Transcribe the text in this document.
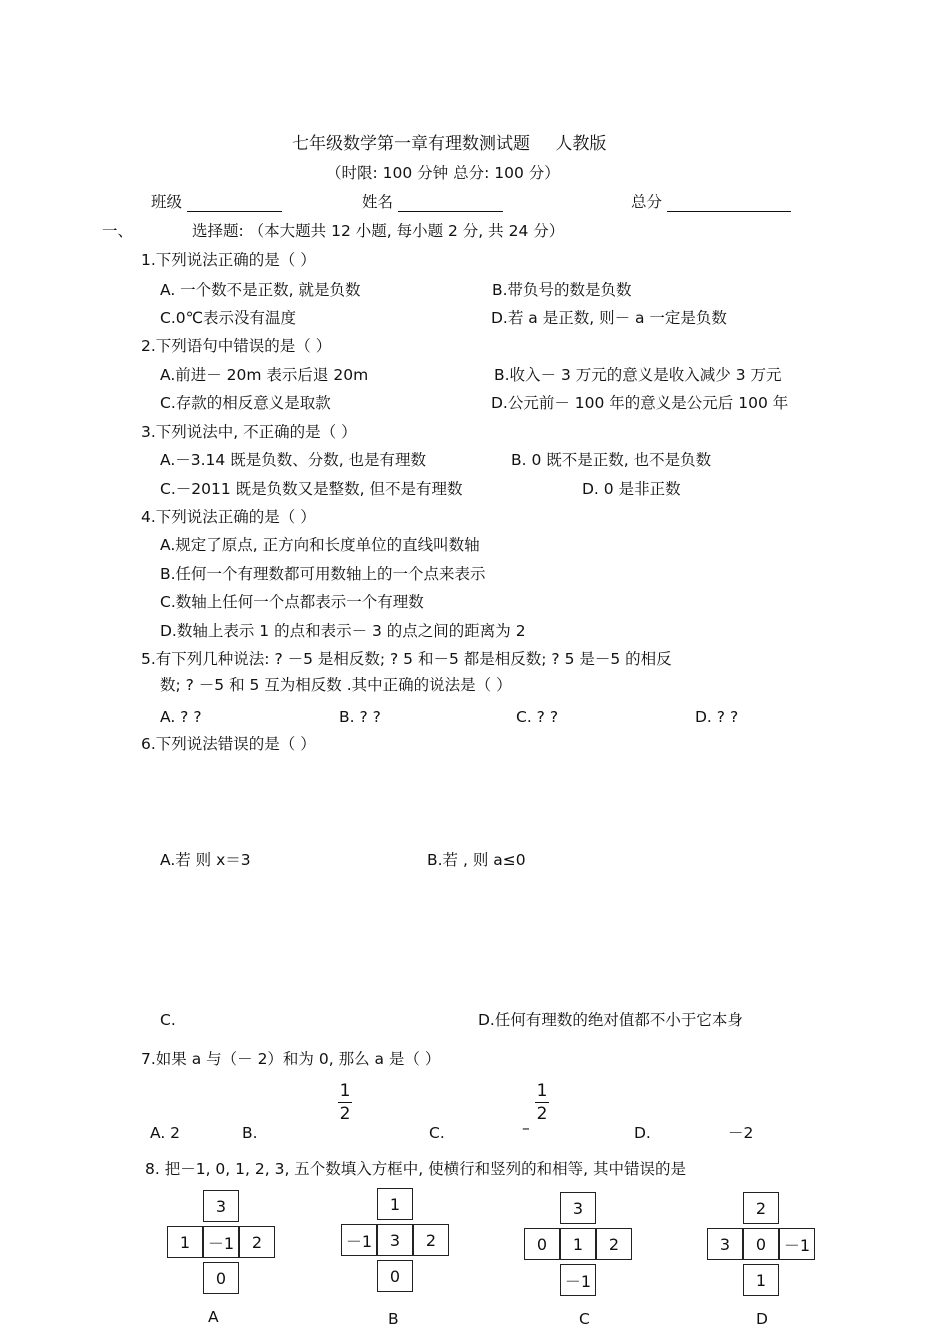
七年级数学第一章有理数测试题 人教版
（时限: 100 分钟 总分: 100 分）
班级	姓名	总分
一、	选择题: （本大题共 12 小题, 每小题 2 分, 共 24 分）
1.下列说法正确的是（ ）
A. 一个数不是正数, 就是负数	B.带负号的数是负数
C.0℃表示没有温度	D.若 a 是正数, 则－ a 一定是负数
2.下列语句中错误的是（ ）
A.前进－ 20m 表示后退 20m	B.收入－ 3 万元的意义是收入减少 3 万元
C.存款的相反意义是取款	D.公元前－ 100 年的意义是公元后 100 年
3.下列说法中, 不正确的是（ ）
A.－3.14 既是负数、分数, 也是有理数	B. 0 既不是正数, 也不是负数
C.－2011 既是负数又是整数, 但不是有理数	D. 0 是非正数
4.下列说法正确的是（ ）
A.规定了原点, 正方向和长度单位的直线叫数轴
B.任何一个有理数都可用数轴上的一个点来表示
C.数轴上任何一个点都表示一个有理数
D.数轴上表示 1 的点和表示－ 3 的点之间的距离为 2
5.有下列几种说法: ? －5 是相反数; ? 5 和－5 都是相反数; ? 5 是－5 的相反
数; ? －5 和 5 互为相反数 .其中正确的说法是（ ）
A. ? ?	B. ? ?	C. ? ?	D. ? ?
6.下列说法错误的是（ ）
A.若 则 x＝3	B.若 , 则 a≤0
C.	D.任何有理数的绝对值都不小于它本身
7.如果 a 与（－ 2）和为 0, 那么 a 是（ ）
A. 2	B.
1
2
C.	–
1
2
D.	－2
8. 把－1, 0, 1, 2, 3, 五个数填入方框中, 使横行和竖列的和相等, 其中错误的是
3
1	－1	2
0
A
1
－1	3	2
0
B
3
0	1	2
－1
C
2
3	0	－1
1
D
